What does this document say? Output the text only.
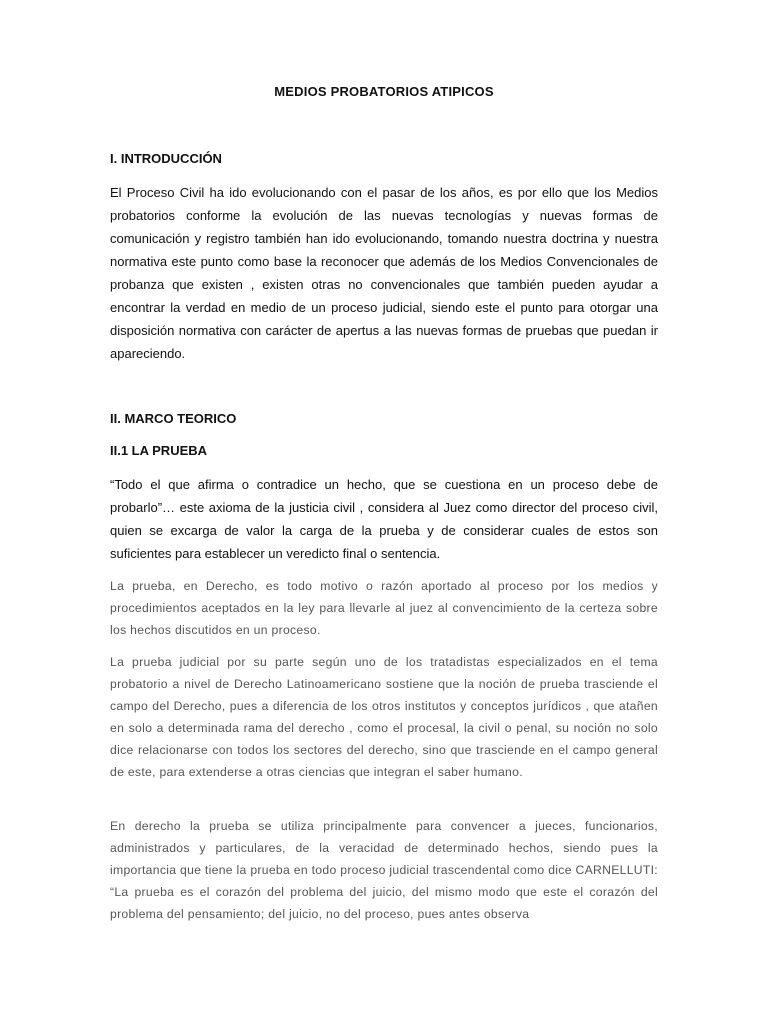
MEDIOS PROBATORIOS ATIPICOS
I. INTRODUCCIÓN
El Proceso Civil ha ido evolucionando con el pasar de los años, es por ello que los Medios probatorios conforme la evolución de las nuevas tecnologías y nuevas formas de comunicación y registro también han ido evolucionando, tomando nuestra doctrina y nuestra normativa este punto como base la reconocer que además de los Medios Convencionales de probanza que existen , existen otras no convencionales que también pueden ayudar a encontrar la verdad en medio de un proceso judicial, siendo este el punto para otorgar una disposición normativa con carácter de apertus a las nuevas formas de pruebas que puedan ir apareciendo.
II. MARCO TEORICO
II.1 LA PRUEBA
“Todo el que afirma o contradice un hecho, que se cuestiona en un proceso debe de probarlo”… este axioma de la justicia civil , considera al Juez como director del proceso civil, quien se excarga de valor la carga de la prueba y de considerar cuales de estos son suficientes para establecer un veredicto final o sentencia.
La prueba, en Derecho, es todo motivo o razón aportado al proceso por los medios y procedimientos aceptados en la ley para llevarle al juez al convencimiento de la certeza sobre los hechos discutidos en un proceso.
La prueba judicial por su parte según uno de los tratadistas especializados en el tema probatorio a nivel de Derecho Latinoamericano sostiene que la noción de prueba trasciende el campo del Derecho, pues a diferencia de los otros institutos y conceptos jurídicos , que atañen en solo a determinada rama del derecho , como el procesal, la civil o penal, su noción no solo dice relacionarse con todos los sectores del derecho, sino que trasciende en el campo general de este, para extenderse a otras ciencias que integran el saber humano.
En derecho la prueba se utiliza principalmente para convencer a jueces, funcionarios, administrados y particulares, de la veracidad de determinado hechos, siendo pues la importancia que tiene la prueba en todo proceso judicial trascendental como dice CARNELLUTI: “La prueba es el corazón del problema del juicio, del mismo modo que este el corazón del problema del pensamiento; del juicio, no del proceso, pues antes observa
